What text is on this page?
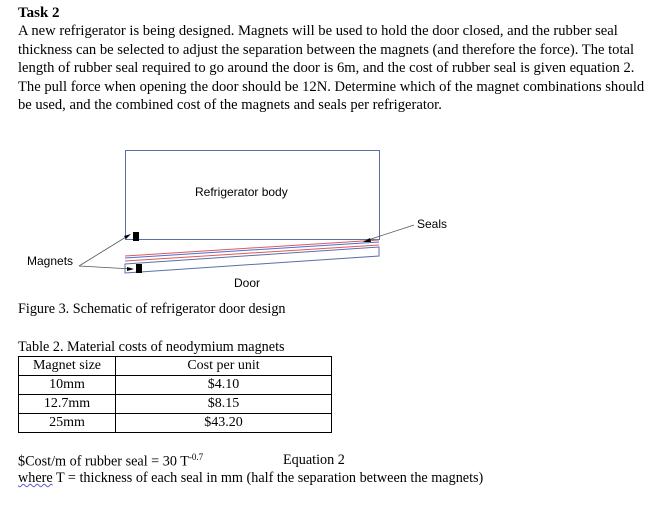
Task 2
A new refrigerator is being designed. Magnets will be used to hold the door closed, and the rubber seal thickness can be selected to adjust the separation between the magnets (and therefore the force). The total length of rubber seal required to go around the door is 6m, and the cost of rubber seal is given equation 2. The pull force when opening the door should be 12N. Determine which of the magnet combinations should be used, and the combined cost of the magnets and seals per refrigerator.
Refrigerator body
Seals
Magnets
Door
Figure 3. Schematic of refrigerator door design
Table 2. Material costs of neodymium magnets
Magnet size	Cost per unit
10mm	$4.10
12.7mm	$8.15
25mm	$43.20
$Cost/m of rubber seal = 30 $T^{-0.7}$	Equation 2
where T = thickness of each seal in mm (half the separation between the magnets)
